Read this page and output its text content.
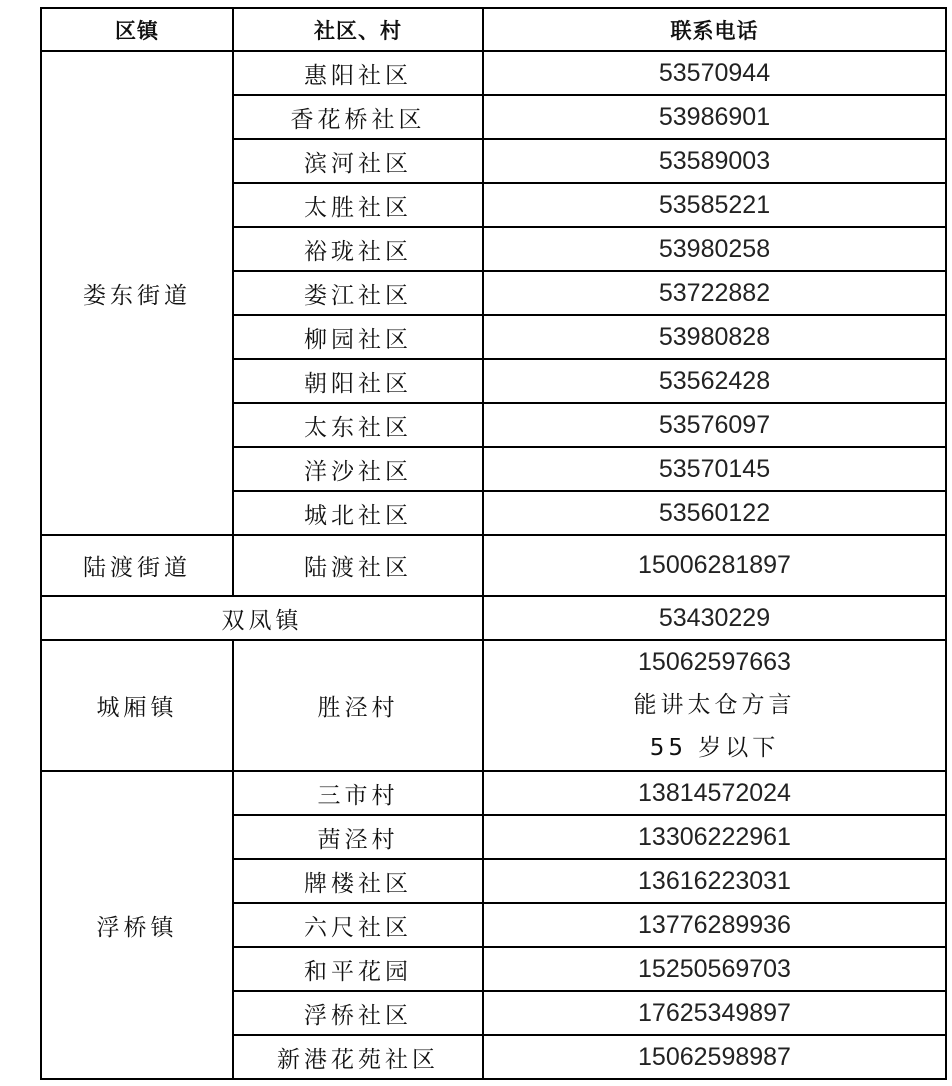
区镇	社区、村	联系电话
娄东街道	惠阳社区	53570944
	香花桥社区	53986901
	滨河社区	53589003
	太胜社区	53585221
	裕珑社区	53980258
	娄江社区	53722882
	柳园社区	53980828
	朝阳社区	53562428
	太东社区	53576097
	洋沙社区	53570145
	城北社区	53560122
陆渡街道	陆渡社区	15006281897
双凤镇		53430229
城厢镇	胜泾村	15062597663
能讲太仓方言
55 岁以下

浮桥镇	三市村	13814572024
	茜泾村	13306222961
	牌楼社区	13616223031
	六尺社区	13776289936
	和平花园	15250569703
	浮桥社区	17625349897
	新港花苑社区	15062598987
